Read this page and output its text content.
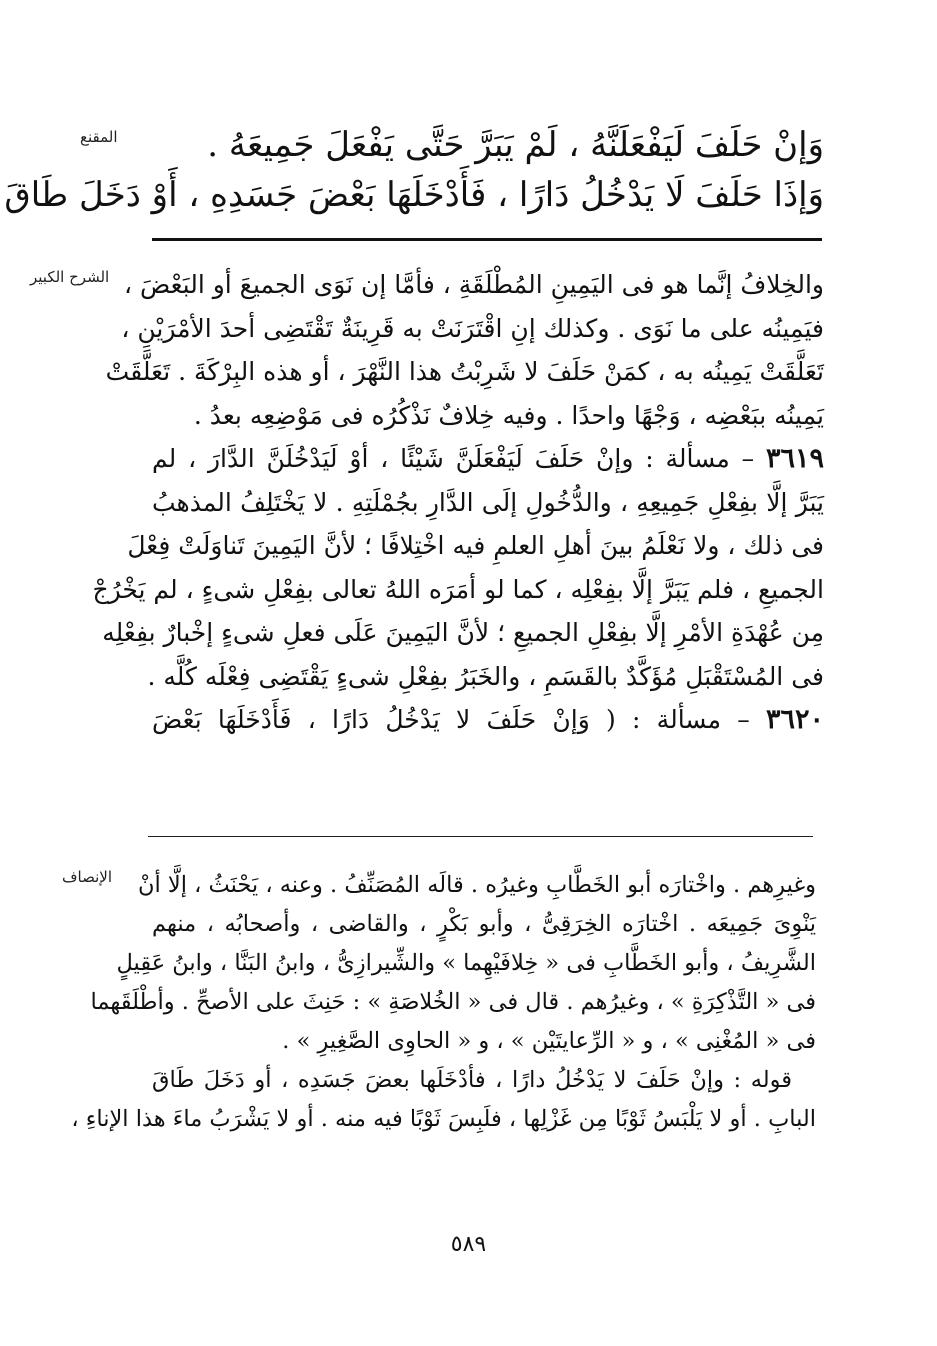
المقنع
الشرح الكبير
الإنصاف
وَإنْ حَلَفَ لَيَفْعَلَنَّهُ ، لَمْ يَبَرَّ حَتَّى يَفْعَلَ جَمِيعَهُ .
وَإذَا حَلَفَ لَا يَدْخُلُ دَارًا ، فَأَدْخَلَهَا بَعْضَ جَسَدِهِ ، أَوْ دَخَلَ طَاقَ
والخِلافُ إنَّما هو فى اليَمِينِ المُطْلَقَةِ ، فأمَّا إن نَوَى الجميعَ أو البَعْضَ ،
فيَمِينُه على ما نَوَى . وكذلك إنِ اقْتَرَنَتْ به قَرِينَةٌ تَقْتَضِى أحدَ الأمْرَيْنِ ،
تَعَلَّقَتْ يَمِينُه به ، كمَنْ حَلَفَ لا شَرِبْتُ هذا النَّهْرَ ، أو هذه البِرْكَةَ . تَعَلَّقَتْ
يَمِينُه ببَعْضِه ، وَجْهًا واحدًا . وفيه خِلافٌ نَذْكُرُه فى مَوْضِعِه بعدُ .
٣٦١٩ – مسألة : وإنْ حَلَفَ لَيَفْعَلَنَّ شَيْئًا ، أوْ لَيَدْخُلَنَّ الدَّارَ ، لم
يَبَرَّ إلَّا بفِعْلِ جَمِيعِهِ ، والدُّخُولِ إلَى الدَّارِ بجُمْلَتِهِ . لا يَخْتَلِفُ المذهبُ
فى ذلك ، ولا نَعْلَمُ بينَ أهلِ العلمِ فيه اخْتِلافًا ؛ لأنَّ اليَمِينَ تَناوَلَتْ فِعْلَ
الجميعِ ، فلم يَبَرَّ إلَّا بفِعْلِه ، كما لو أمَرَه اللهُ تعالى بفِعْلِ شىءٍ ، لم يَخْرُجْ
مِن عُهْدَةِ الأمْرِ إلَّا بفِعْلِ الجميعِ ؛ لأنَّ اليَمِينَ عَلَى فعلِ شىءٍ إخْبارٌ بفِعْلِه
فى المُسْتَقْبَلِ مُؤَكَّدٌ بالقَسَمِ ، والخَبَرُ بفِعْلِ شىءٍ يَقْتَضِى فِعْلَه كُلَّه .
٣٦٢٠ – مسألة : ( وَإنْ حَلَفَ لا يَدْخُلُ دَارًا ، فَأَدْخَلَهَا بَعْضَ
وغيرِهم . واخْتارَه أبو الخَطَّابِ وغيرُه . قالَه المُصَنِّفُ . وعنه ، يَحْنَثُ ، إلَّا أنْ
يَنْوِىَ جَمِيعَه . اخْتارَه الخِرَقِىُّ ، وأبو بَكْرٍ ، والقاضى ، وأصحابُه ، منهم
الشَّرِيفُ ، وأبو الخَطَّابِ فى « خِلافَيْهِما » والشِّيرازِىُّ ، وابنُ البَنَّا ، وابنُ عَقِيلٍ
فى « التَّذْكِرَةِ » ، وغيرُهم . قال فى « الخُلاصَةِ » : حَنِثَ على الأصحِّ . وأطْلَقَهما
فى « المُغْنِى » ، و « الرِّعايتَيْن » ، و « الحاوِى الصَّغِيرِ » .
قوله : وإنْ حَلَفَ لا يَدْخُلُ دارًا ، فأدْخَلَها بعضَ جَسَدِه ، أو دَخَلَ طَاقَ
البابِ . أو لا يَلْبَسُ ثَوْبًا مِن غَزْلِها ، فلَبِسَ ثَوْبًا فيه منه . أو لا يَشْرَبُ ماءَ هذا الإناءِ ،
٥٨٩
